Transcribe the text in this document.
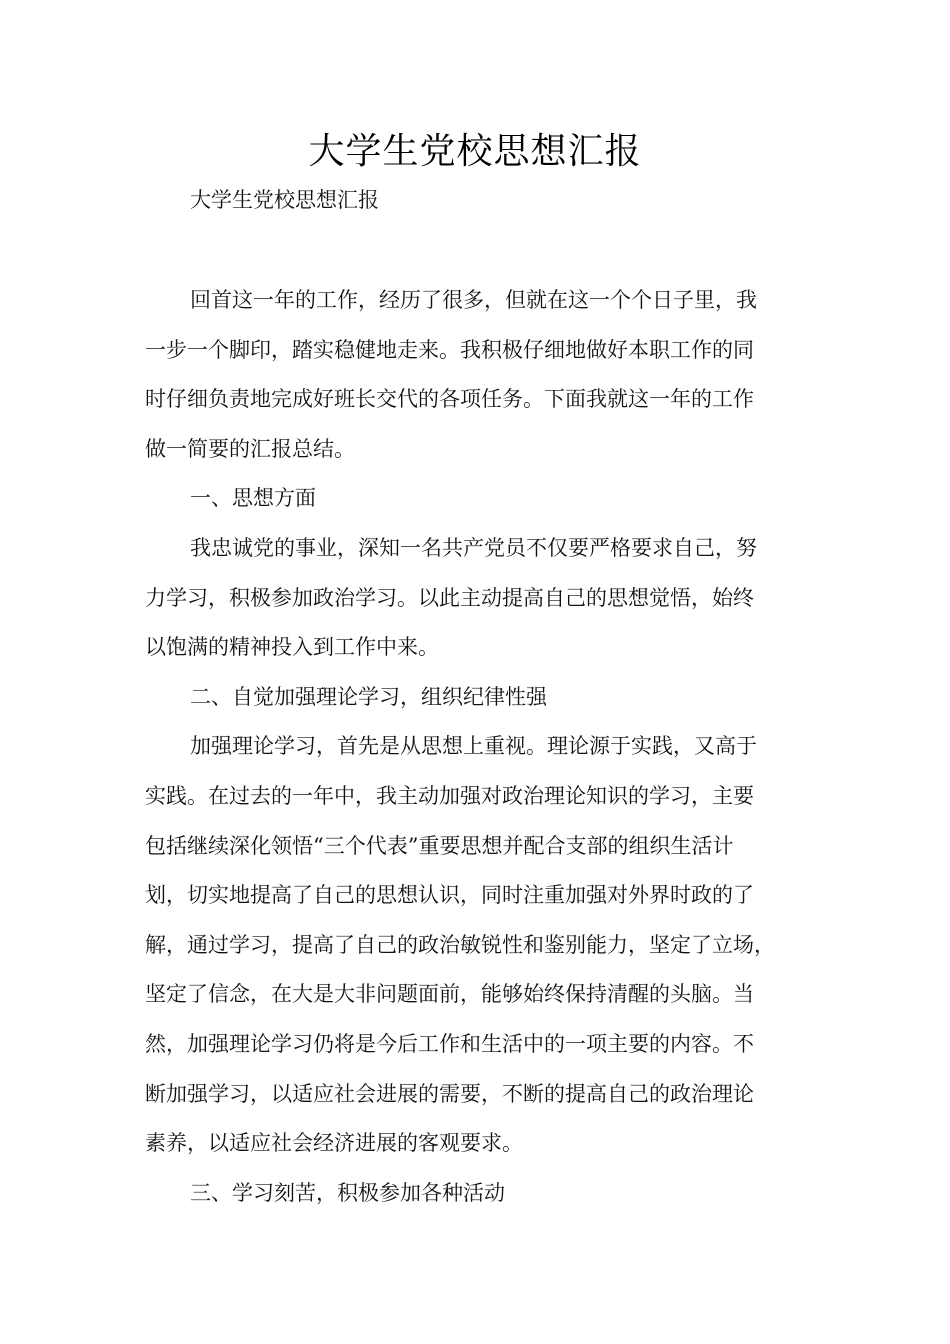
大学生党校思想汇报
大学生党校思想汇报
回首这一年的工作，经历了很多，但就在这一个个日子里，我
一步一个脚印，踏实稳健地走来。我积极仔细地做好本职工作的同
时仔细负责地完成好班长交代的各项任务。下面我就这一年的工作
做一简要的汇报总结。
一、思想方面
我忠诚党的事业，深知一名共产党员不仅要严格要求自己，努
力学习，积极参加政治学习。以此主动提高自己的思想觉悟，始终
以饱满的精神投入到工作中来。
二、自觉加强理论学习，组织纪律性强
加强理论学习，首先是从思想上重视。理论源于实践，又高于
实践。在过去的一年中，我主动加强对政治理论知识的学习，主要
包括继续深化领悟“三个代表”重要思想并配合支部的组织生活计
划，切实地提高了自己的思想认识，同时注重加强对外界时政的了
解，通过学习，提高了自己的政治敏锐性和鉴别能力，坚定了立场，
坚定了信念，在大是大非问题面前，能够始终保持清醒的头脑。当
然，加强理论学习仍将是今后工作和生活中的一项主要的内容。不
断加强学习，以适应社会进展的需要，不断的提高自己的政治理论
素养，以适应社会经济进展的客观要求。
三、学习刻苦，积极参加各种活动
